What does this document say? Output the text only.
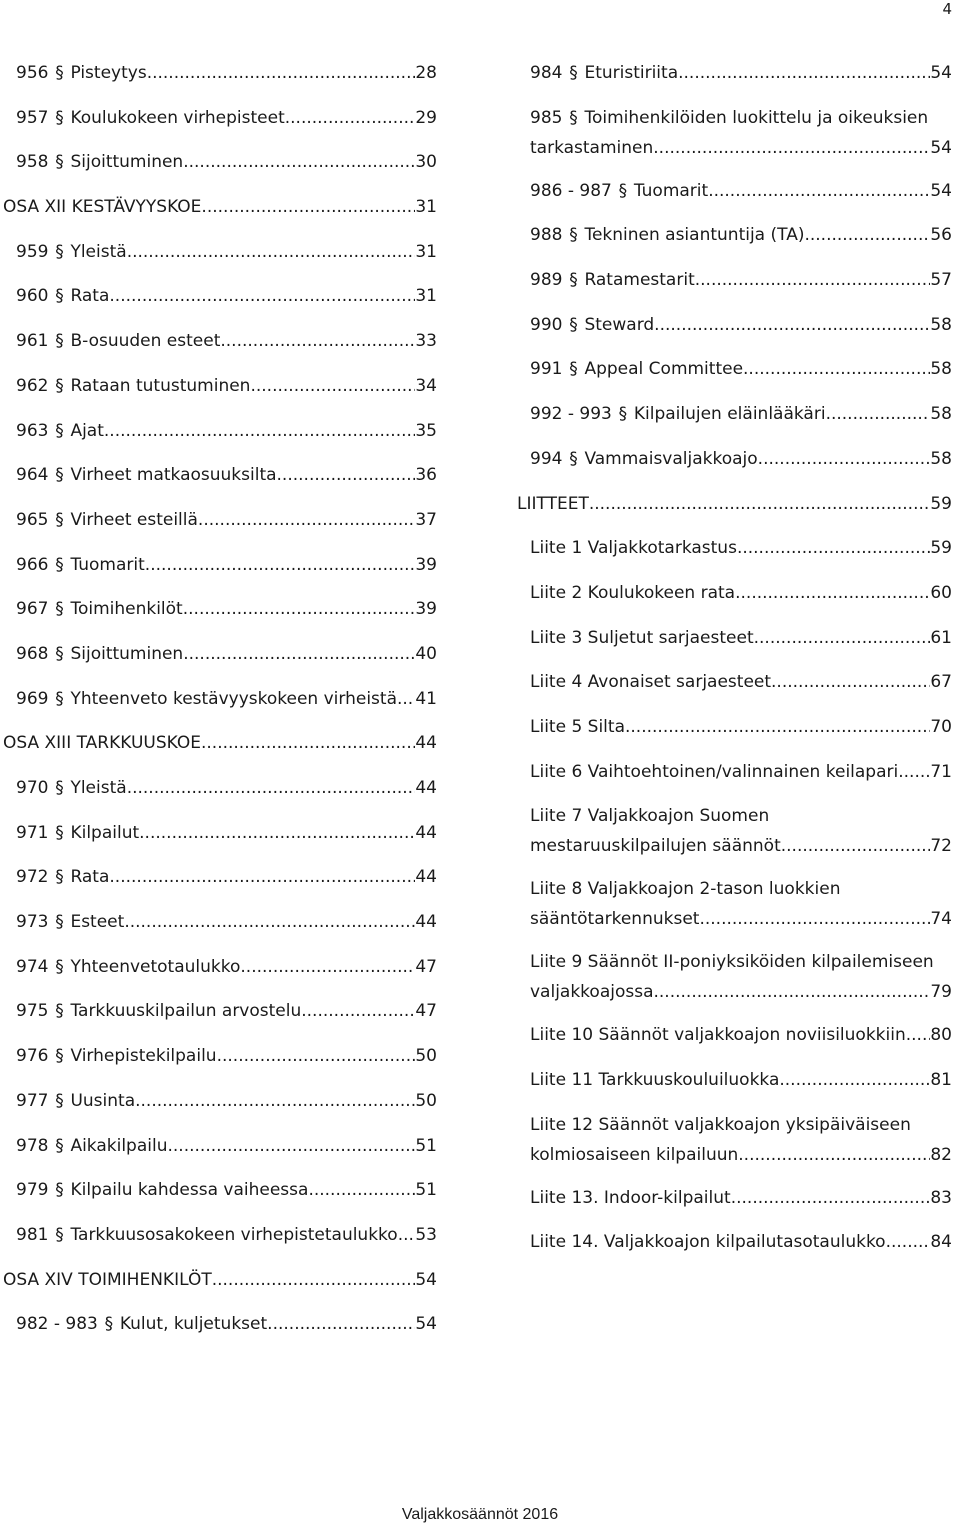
4
956 § Pisteytys .....	28
957 § Koulukokeen virhepisteet .....	29
958 § Sijoittuminen .....	30
OSA XII KESTÄVYYSKOE .....	31
959 § Yleistä .....	31
960 § Rata .....	31
961 § B-osuuden esteet .....	33
962 § Rataan tutustuminen .....	34
963 § Ajat .....	35
964 § Virheet matkaosuuksilta .....	36
965 § Virheet esteillä .....	37
966 § Tuomarit .....	39
967 § Toimihenkilöt .....	39
968 § Sijoittuminen .....	40
969 § Yhteenveto kestävyyskokeen virheistä ..... 41
OSA XIII TARKKUUSKOE .....	44
970 § Yleistä .....	44
971 § Kilpailut .....	44
972 § Rata .....	44
973 § Esteet .....	44
974 § Yhteenvetotaulukko .....	47
975 § Tarkkuuskilpailun arvostelu .....	47
976 § Virhepistekilpailu .....	50
977 § Uusinta .....	50
978 § Aikakilpailu .....	51
979 § Kilpailu kahdessa vaiheessa .....	51
981 § Tarkkuusosakokeen virhepistetaulukko ..... 53
OSA XIV TOIMIHENKILÖT .....	54
982 - 983 § Kulut, kuljetukset .....	54
984 § Eturistiriita .....	54
985 § Toimihenkilöiden luokittelu ja oikeuksien
tarkastaminen .....	54
986 - 987 § Tuomarit .....	54
988 § Tekninen asiantuntija (TA) .....	56
989 § Ratamestarit .....	57
990 § Steward .....	58
991 § Appeal Committee .....	58
992 - 993 § Kilpailujen eläinlääkäri .....	58
994 § Vammaisvaljakkoajo .....	58
LIITTEET .....	59
Liite 1 Valjakkotarkastus .....	59
Liite 2 Koulukokeen rata .....	60
Liite 3 Suljetut sarjaesteet .....	61
Liite 4 Avonaiset sarjaesteet .....	67
Liite 5 Silta .....	70
Liite 6 Vaihtoehtoinen/valinnainen keilapari ..... 71
Liite 7 Valjakkoajon Suomen
mestaruuskilpailujen säännöt .....	72
Liite 8 Valjakkoajon 2-tason luokkien
sääntötarkennukset .....	74
Liite 9 Säännöt II-poniyksiköiden kilpailemiseen
valjakkoajossa .....	79
Liite 10 Säännöt valjakkoajon noviisiluokkiin ..... 80
Liite 11 Tarkkuuskouluiluokka .....	81
Liite 12 Säännöt valjakkoajon yksipäiväiseen
kolmiosaiseen kilpailuun .....	82
Liite 13. Indoor-kilpailut .....	83
Liite 14. Valjakkoajon kilpailutasotaulukko .....	84
Valjakkosäännöt 2016
